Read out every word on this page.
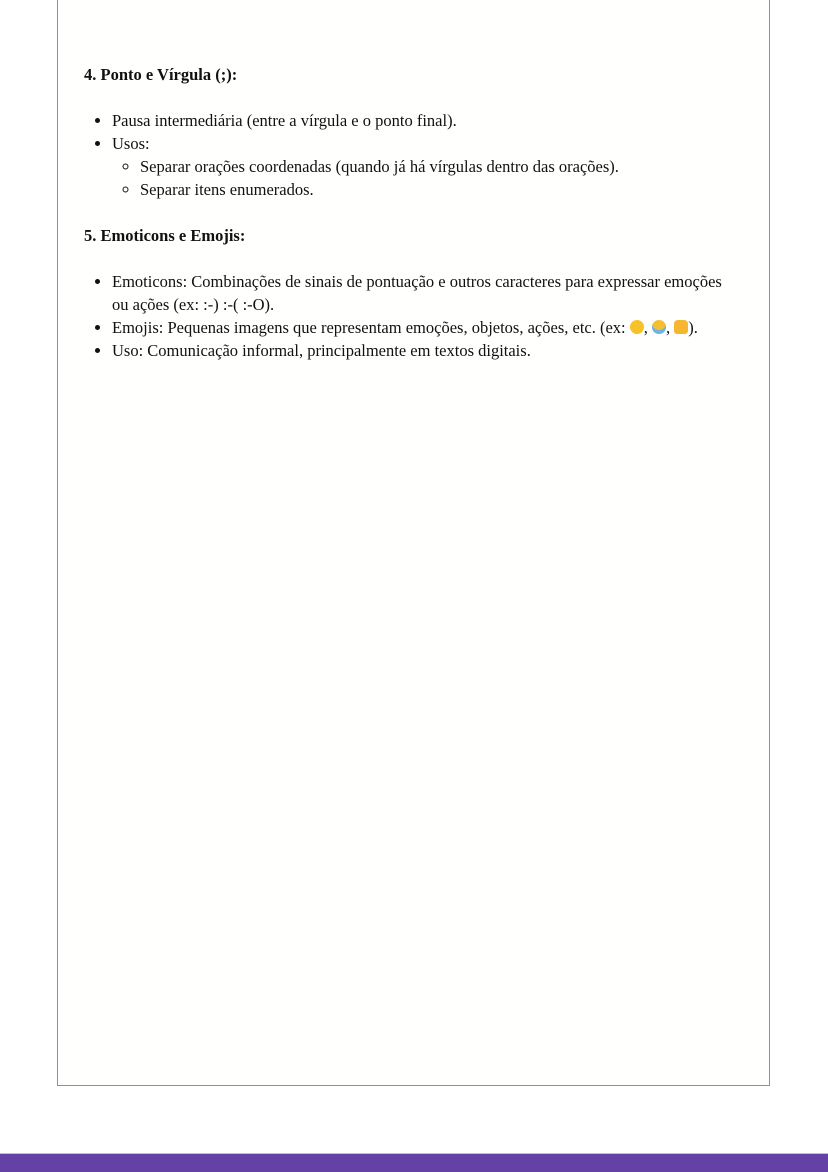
4. Ponto e Vírgula (;):
• Pausa intermediária (entre a vírgula e o ponto final).
• Usos:
◦ Separar orações coordenadas (quando já há vírgulas dentro das orações).
◦ Separar itens enumerados.
5. Emoticons e Emojis:
• Emoticons: Combinações de sinais de pontuação e outros caracteres para expressar emoções ou ações (ex: :-) :-( :-O).
• Emojis: Pequenas imagens que representam emoções, objetos, ações, etc. (ex: , , ).
• Uso: Comunicação informal, principalmente em textos digitais.
